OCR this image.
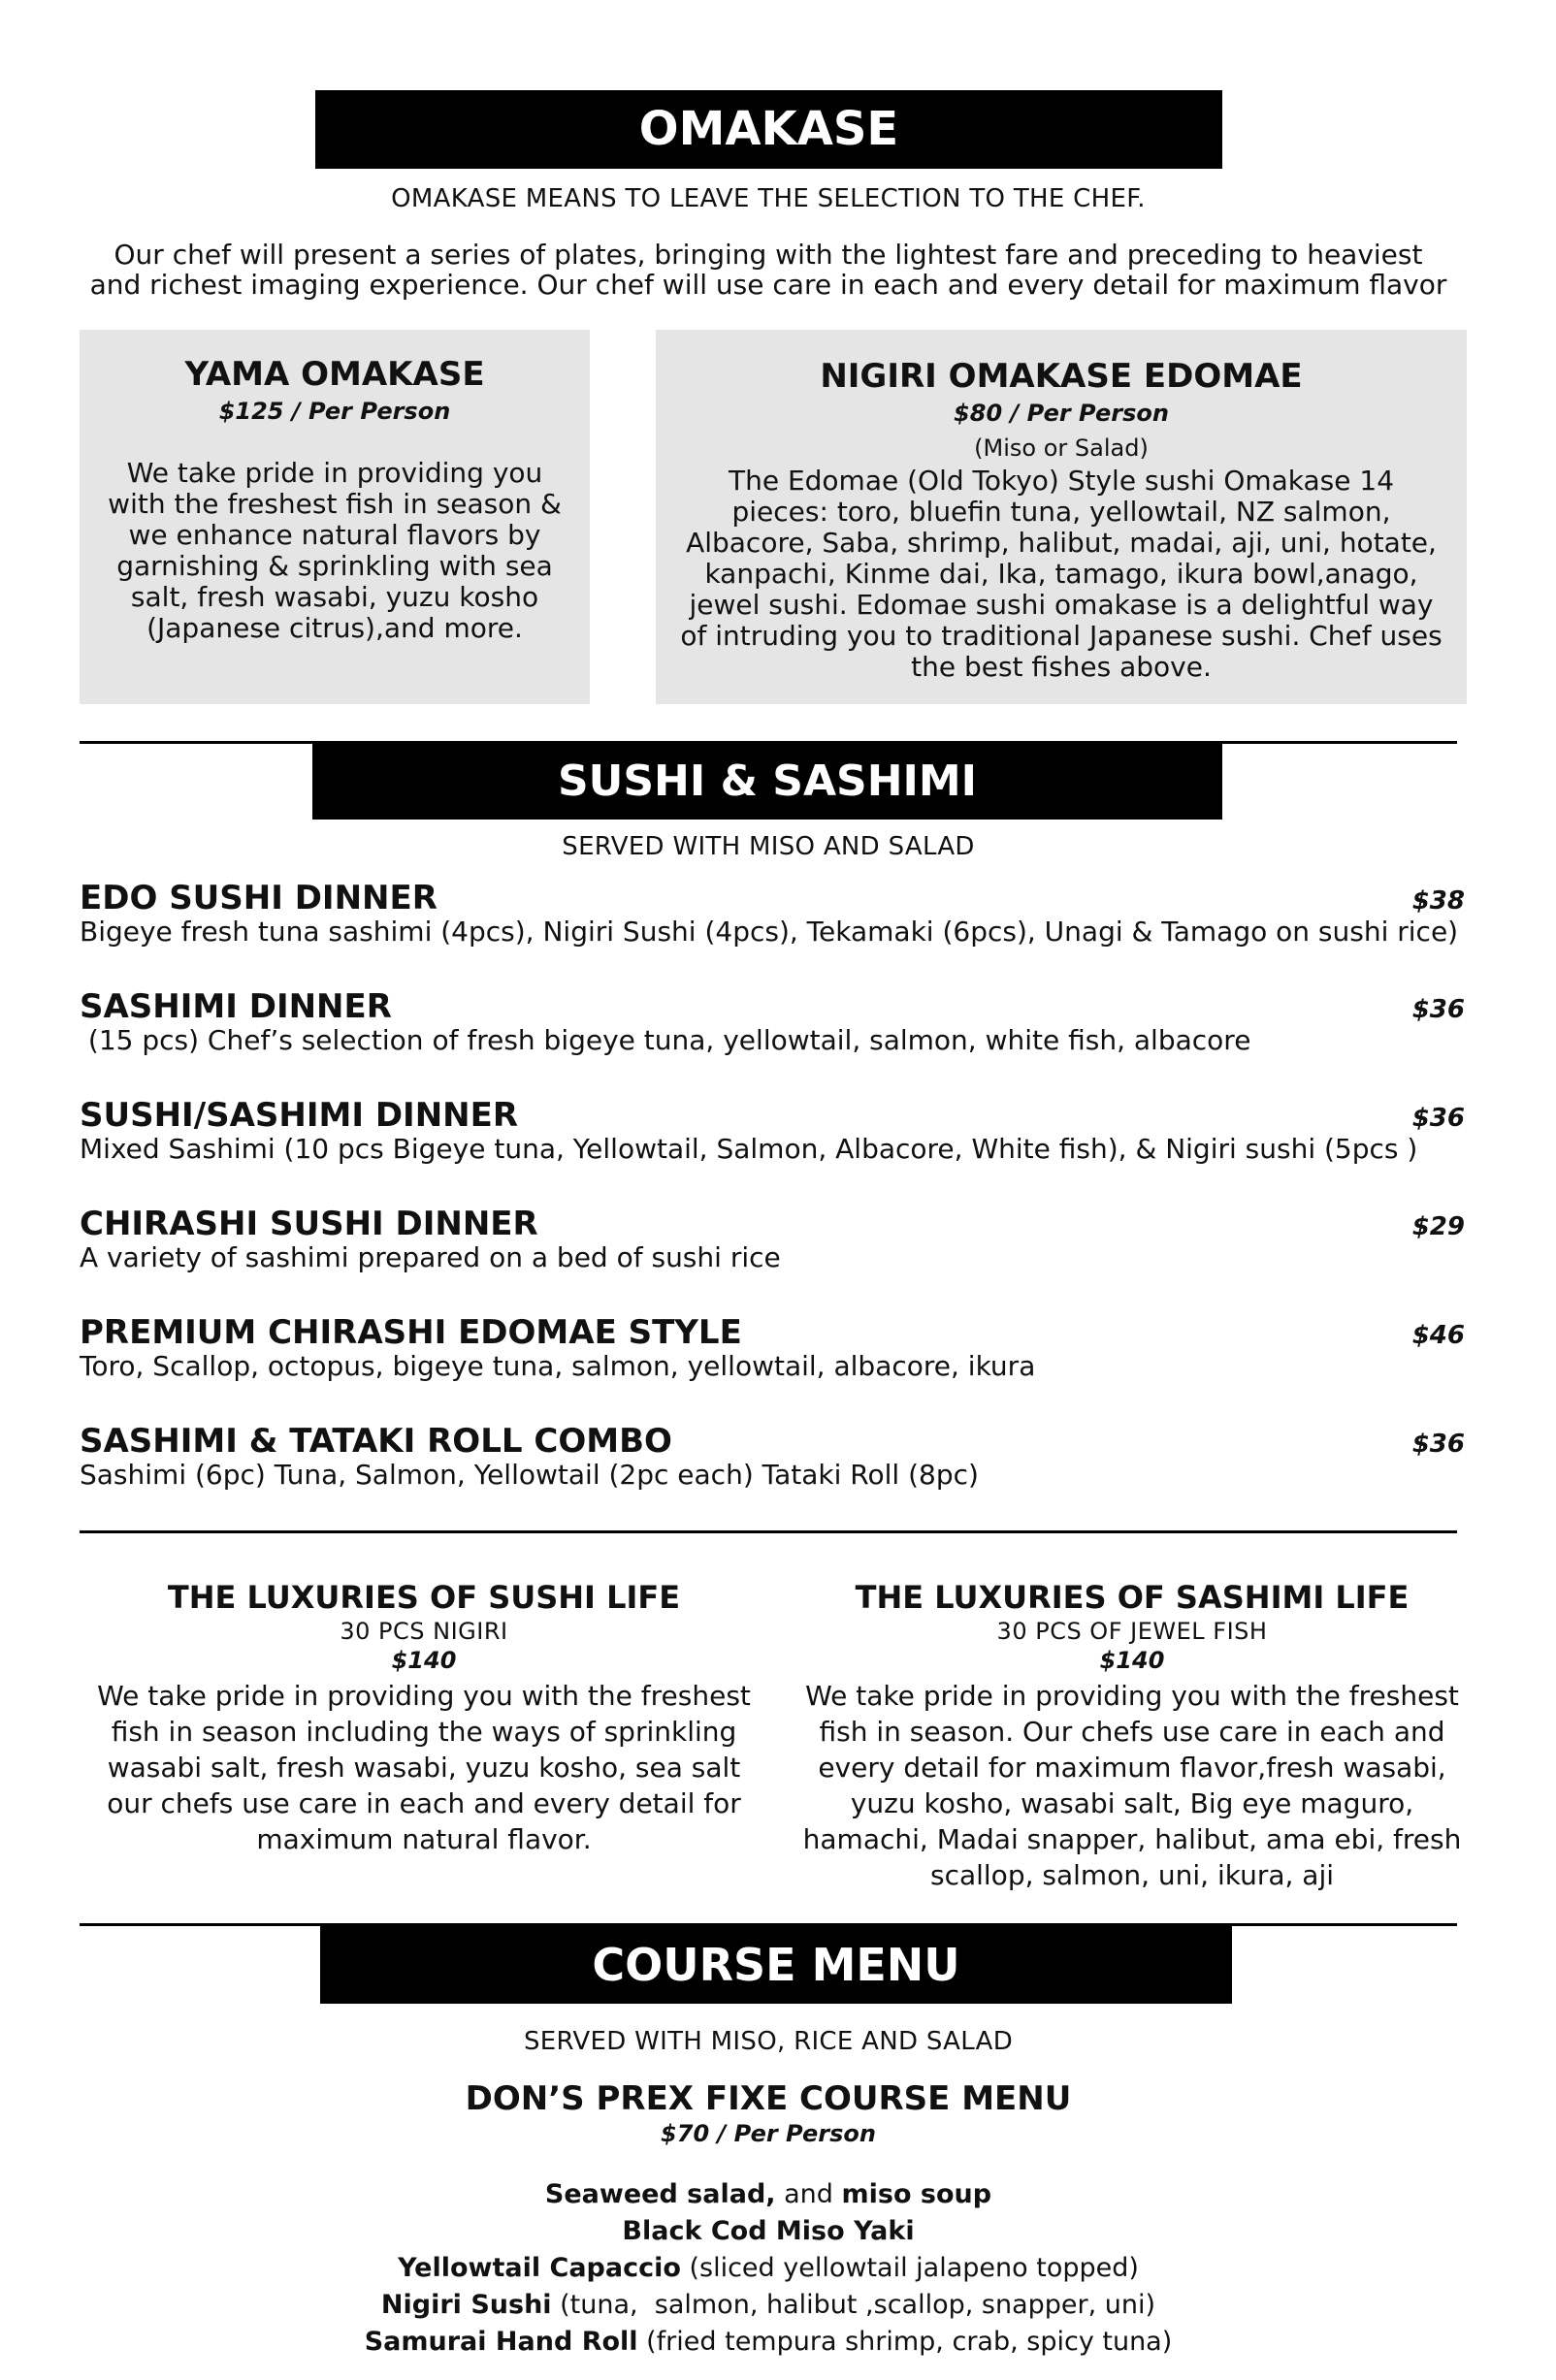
OMAKASE
OMAKASE MEANS TO LEAVE THE SELECTION TO THE CHEF.
Our chef will present a series of plates, bringing with the lightest fare and preceding to heaviest and richest imaging experience. Our chef will use care in each and every detail for maximum flavor
YAMA OMAKASE
$125 / Per Person
We take pride in providing you with the freshest fish in season & we enhance natural flavors by garnishing & sprinkling with sea salt, fresh wasabi, yuzu kosho (Japanese citrus),and more.
NIGIRI OMAKASE EDOMAE
$80 / Per Person
(Miso or Salad)
The Edomae (Old Tokyo) Style sushi Omakase 14 pieces: toro, bluefin tuna, yellowtail, NZ salmon, Albacore, Saba, shrimp, halibut, madai, aji, uni, hotate, kanpachi, Kinme dai, Ika, tamago, ikura bowl,anago, jewel sushi. Edomae sushi omakase is a delightful way of intruding you to traditional Japanese sushi. Chef uses the best fishes above.
SUSHI & SASHIMI
SERVED WITH MISO AND SALAD
EDO SUSHI DINNER	$38
Bigeye fresh tuna sashimi (4pcs), Nigiri Sushi (4pcs), Tekamaki (6pcs), Unagi & Tamago on sushi rice)
SASHIMI DINNER	$36
(15 pcs) Chef’s selection of fresh bigeye tuna, yellowtail, salmon, white fish, albacore
SUSHI/SASHIMI DINNER	$36
Mixed Sashimi (10 pcs Bigeye tuna, Yellowtail, Salmon, Albacore, White fish), & Nigiri sushi (5pcs )
CHIRASHI SUSHI DINNER	$29
A variety of sashimi prepared on a bed of sushi rice
PREMIUM CHIRASHI EDOMAE STYLE	$46
Toro, Scallop, octopus, bigeye tuna, salmon, yellowtail, albacore, ikura
SASHIMI & TATAKI ROLL COMBO	$36
Sashimi (6pc) Tuna, Salmon, Yellowtail (2pc each) Tataki Roll (8pc)
THE LUXURIES OF SUSHI LIFE
30 PCS NIGIRI
$140
We take pride in providing you with the freshest fish in season including the ways of sprinkling wasabi salt, fresh wasabi, yuzu kosho, sea salt our chefs use care in each and every detail for maximum natural flavor.
THE LUXURIES OF SASHIMI LIFE
30 PCS OF JEWEL FISH
$140
We take pride in providing you with the freshest fish in season. Our chefs use care in each and every detail for maximum flavor,fresh wasabi, yuzu kosho, wasabi salt, Big eye maguro, hamachi, Madai snapper, halibut, ama ebi, fresh scallop, salmon, uni, ikura, aji
COURSE MENU
SERVED WITH MISO, RICE AND SALAD
DON’S PREX FIXE COURSE MENU
$70 / Per Person
Seaweed salad, and miso soup
Black Cod Miso Yaki
Yellowtail Capaccio (sliced yellowtail jalapeno topped)
Nigiri Sushi (tuna,  salmon, halibut ,scallop, snapper, uni)
Samurai Hand Roll (fried tempura shrimp, crab, spicy tuna)
